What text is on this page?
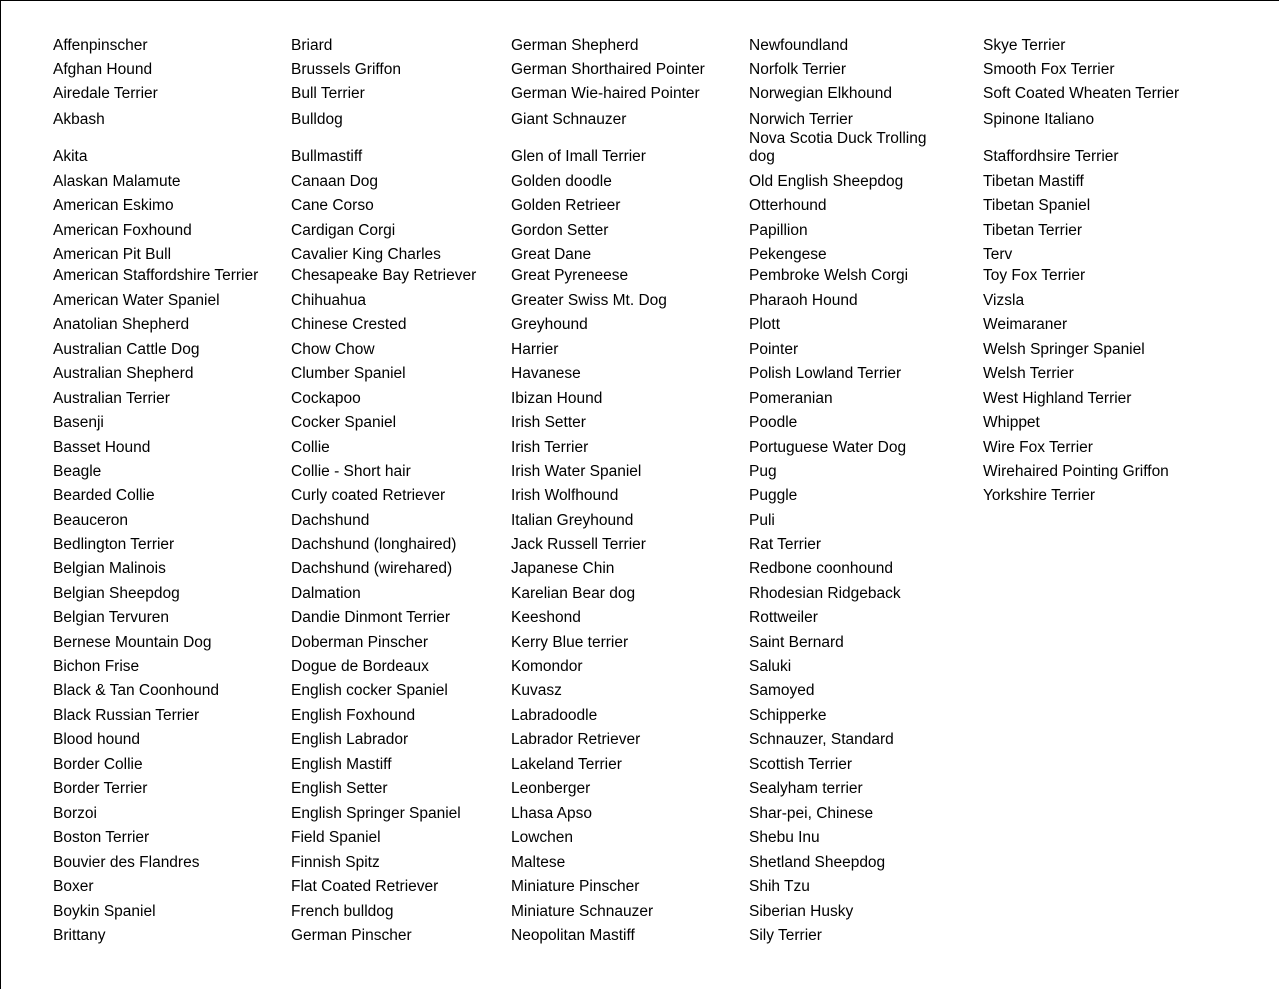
Affenpinscher
Afghan Hound
Airedale Terrier
Akbash
Akita
Alaskan Malamute
American Eskimo
American Foxhound
American Pit Bull
American Staffordshire Terrier
American Water Spaniel
Anatolian Shepherd
Australian Cattle Dog
Australian Shepherd
Australian Terrier
Basenji
Basset Hound
Beagle
Bearded Collie
Beauceron
Bedlington Terrier
Belgian Malinois
Belgian Sheepdog
Belgian Tervuren
Bernese Mountain Dog
Bichon Frise
Black & Tan Coonhound
Black Russian Terrier
Blood hound
Border Collie
Border Terrier
Borzoi
Boston Terrier
Bouvier des Flandres
Boxer
Boykin Spaniel
Brittany
Briard
Brussels Griffon
Bull Terrier
Bulldog
Bullmastiff
Canaan Dog
Cane Corso
Cardigan Corgi
Cavalier King Charles
Chesapeake Bay Retriever
Chihuahua
Chinese Crested
Chow Chow
Clumber Spaniel
Cockapoo
Cocker Spaniel
Collie
Collie - Short hair
Curly coated Retriever
Dachshund
Dachshund (longhaired)
Dachshund (wirehared)
Dalmation
Dandie Dinmont Terrier
Doberman Pinscher
Dogue de Bordeaux
English cocker Spaniel
English Foxhound
English Labrador
English Mastiff
English Setter
English Springer Spaniel
Field Spaniel
Finnish Spitz
Flat Coated Retriever
French bulldog
German Pinscher
German Shepherd
German Shorthaired Pointer
German Wie-haired Pointer
Giant Schnauzer
Glen of Imall Terrier
Golden doodle
Golden Retrieer
Gordon Setter
Great Dane
Great Pyreneese
Greater Swiss Mt. Dog
Greyhound
Harrier
Havanese
Ibizan Hound
Irish Setter
Irish Terrier
Irish Water Spaniel
Irish Wolfhound
Italian Greyhound
Jack Russell Terrier
Japanese Chin
Karelian Bear dog
Keeshond
Kerry Blue terrier
Komondor
Kuvasz
Labradoodle
Labrador Retriever
Lakeland Terrier
Leonberger
Lhasa Apso
Lowchen
Maltese
Miniature Pinscher
Miniature Schnauzer
Neopolitan Mastiff
Newfoundland
Norfolk Terrier
Norwegian Elkhound
Norwich Terrier
Nova Scotia Duck Trolling dog
Old English Sheepdog
Otterhound
Papillion
Pekengese
Pembroke Welsh Corgi
Pharaoh Hound
Plott
Pointer
Polish Lowland Terrier
Pomeranian
Poodle
Portuguese Water Dog
Pug
Puggle
Puli
Rat Terrier
Redbone coonhound
Rhodesian Ridgeback
Rottweiler
Saint Bernard
Saluki
Samoyed
Schipperke
Schnauzer, Standard
Scottish Terrier
Sealyham terrier
Shar-pei, Chinese
Shebu Inu
Shetland Sheepdog
Shih Tzu
Siberian Husky
Sily Terrier
Skye Terrier
Smooth Fox Terrier
Soft Coated Wheaten Terrier
Spinone Italiano
Staffordhsire Terrier
Tibetan Mastiff
Tibetan Spaniel
Tibetan Terrier
Terv
Toy Fox Terrier
Vizsla
Weimaraner
Welsh Springer Spaniel
Welsh Terrier
West Highland Terrier
Whippet
Wire Fox Terrier
Wirehaired Pointing Griffon
Yorkshire Terrier
